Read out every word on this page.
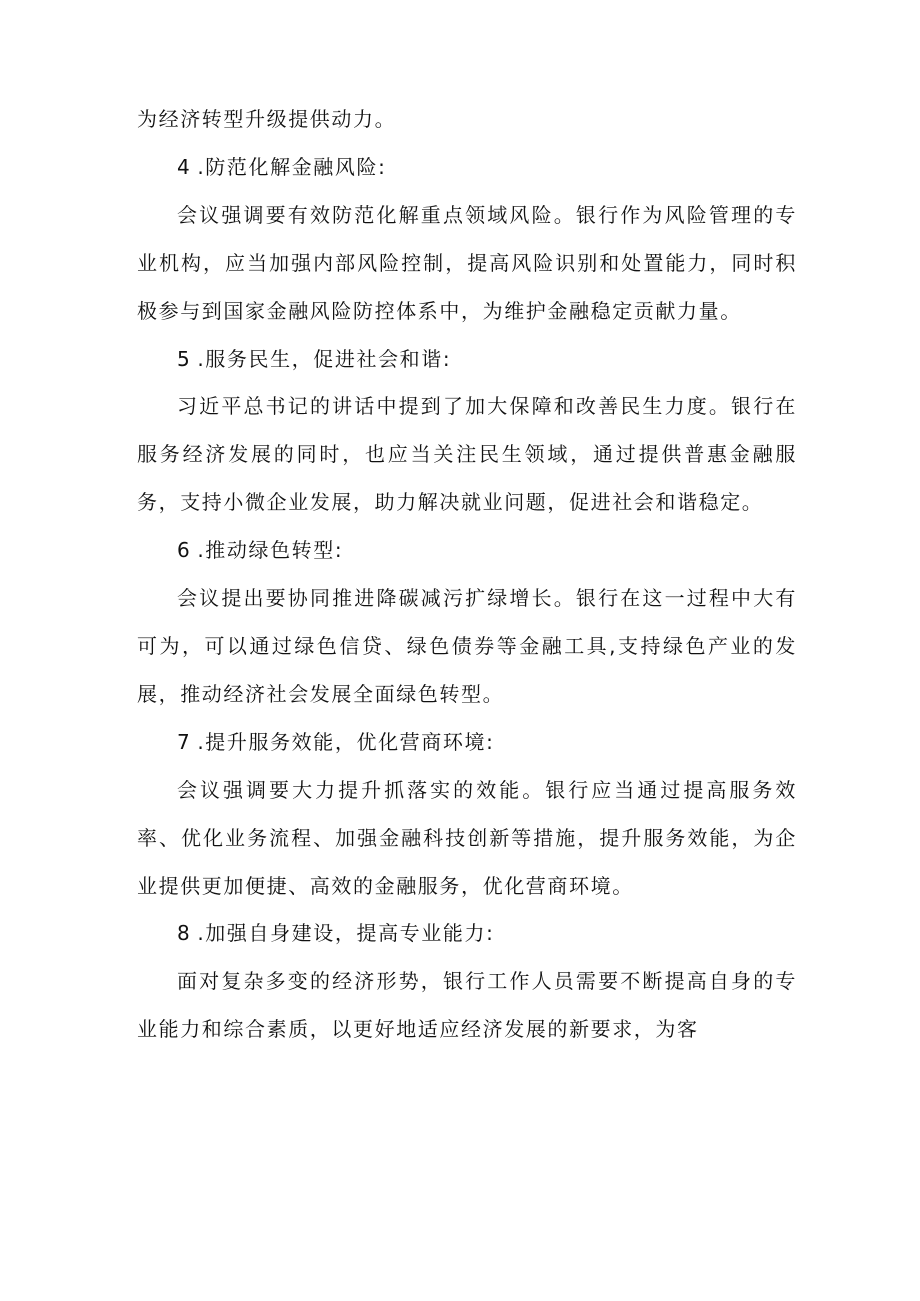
为经济转型升级提供动力。

4 .防范化解金融风险:

会议强调要有效防范化解重点领域风险。银行作为风险管理的专业机构，应当加强内部风险控制，提高风险识别和处置能力，同时积极参与到国家金融风险防控体系中，为维护金融稳定贡献力量。

5 .服务民生，促进社会和谐:

习近平总书记的讲话中提到了加大保障和改善民生力度。银行在服务经济发展的同时，也应当关注民生领域，通过提供普惠金融服务，支持小微企业发展，助力解决就业问题，促进社会和谐稳定。

6 .推动绿色转型:

会议提出要协同推进降碳减污扩绿增长。银行在这一过程中大有可为，可以通过绿色信贷、绿色债券等金融工具,支持绿色产业的发展，推动经济社会发展全面绿色转型。

7 .提升服务效能，优化营商环境:

会议强调要大力提升抓落实的效能。银行应当通过提高服务效率、优化业务流程、加强金融科技创新等措施，提升服务效能，为企业提供更加便捷、高效的金融服务，优化营商环境。

8 .加强自身建设，提高专业能力:

面对复杂多变的经济形势，银行工作人员需要不断提高自身的专业能力和综合素质，以更好地适应经济发展的新要求，为客
